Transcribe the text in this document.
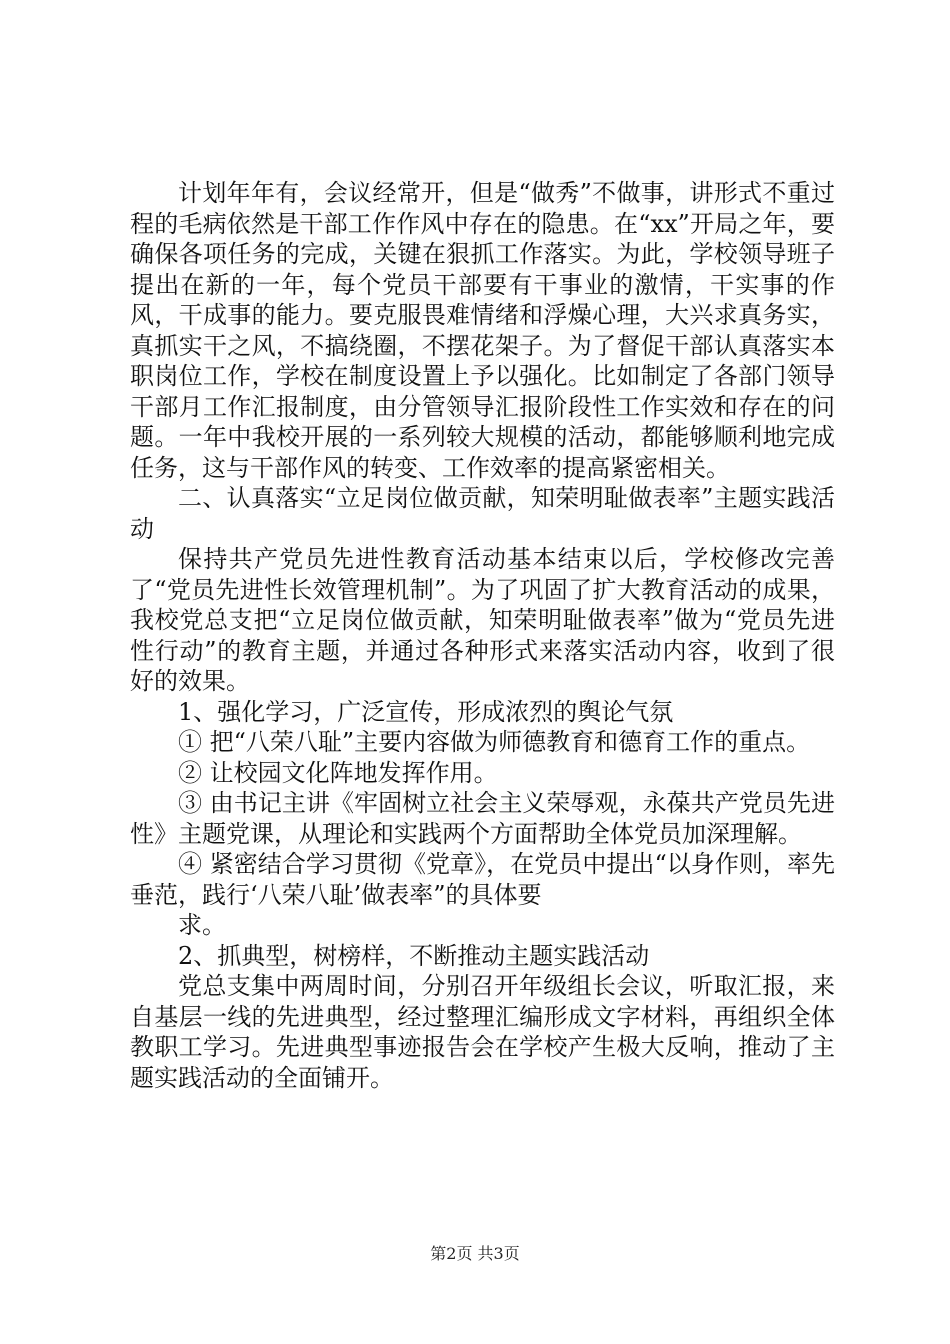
计划年年有，会议经常开，但是“做秀”不做事，讲形式不重过程的毛病依然是干部工作作风中存在的隐患。在“xx”开局之年，要确保各项任务的完成，关键在狠抓工作落实。为此，学校领导班子提出在新的一年，每个党员干部要有干事业的激情，干实事的作风，干成事的能力。要克服畏难情绪和浮燥心理，大兴求真务实，真抓实干之风，不搞绕圈，不摆花架子。为了督促干部认真落实本职岗位工作，学校在制度设置上予以强化。比如制定了各部门领导干部月工作汇报制度，由分管领导汇报阶段性工作实效和存在的问题。一年中我校开展的一系列较大规模的活动，都能够顺利地完成任务，这与干部作风的转变、工作效率的提高紧密相关。

二、认真落实“立足岗位做贡献，知荣明耻做表率”主题实践活动

保持共产党员先进性教育活动基本结束以后，学校修改完善了“党员先进性长效管理机制”。为了巩固了扩大教育活动的成果，我校党总支把“立足岗位做贡献，知荣明耻做表率”做为“党员先进性行动”的教育主题，并通过各种形式来落实活动内容，收到了很好的效果。

1、强化学习，广泛宣传，形成浓烈的舆论气氛

① 把“八荣八耻”主要内容做为师德教育和德育工作的重点。

② 让校园文化阵地发挥作用。

③ 由书记主讲《牢固树立社会主义荣辱观，永葆共产党员先进性》主题党课，从理论和实践两个方面帮助全体党员加深理解。

④ 紧密结合学习贯彻《党章》，在党员中提出“以身作则，率先垂范，践行‘八荣八耻’做表率”的具体要

求。

2、抓典型，树榜样，不断推动主题实践活动

党总支集中两周时间，分别召开年级组长会议，听取汇报，来自基层一线的先进典型，经过整理汇编形成文字材料，再组织全体教职工学习。先进典型事迹报告会在学校产生极大反响，推动了主题实践活动的全面铺开。

第2页 共3页
